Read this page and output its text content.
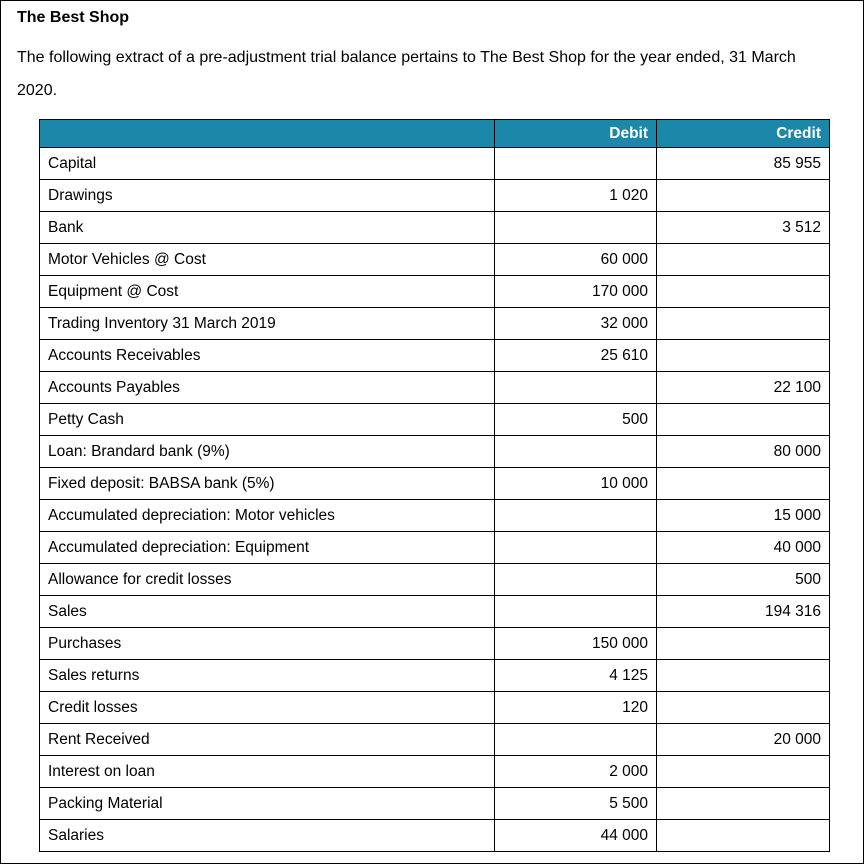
The Best Shop

The following extract of a pre-adjustment trial balance pertains to The Best Shop for the year ended, 31 March 2020.

	Debit	Credit
Capital		85 955
Drawings	1 020	
Bank		3 512
Motor Vehicles @ Cost	60 000	
Equipment @ Cost	170 000	
Trading Inventory 31 March 2019	32 000	
Accounts Receivables	25 610	
Accounts Payables		22 100
Petty Cash	500	
Loan: Brandard bank (9%)		80 000
Fixed deposit: BABSA bank (5%)	10 000	
Accumulated depreciation: Motor vehicles		15 000
Accumulated depreciation: Equipment		40 000
Allowance for credit losses		500
Sales		194 316
Purchases	150 000	
Sales returns	4 125	
Credit losses	120	
Rent Received		20 000
Interest on loan	2 000	
Packing Material	5 500	
Salaries	44 000	
